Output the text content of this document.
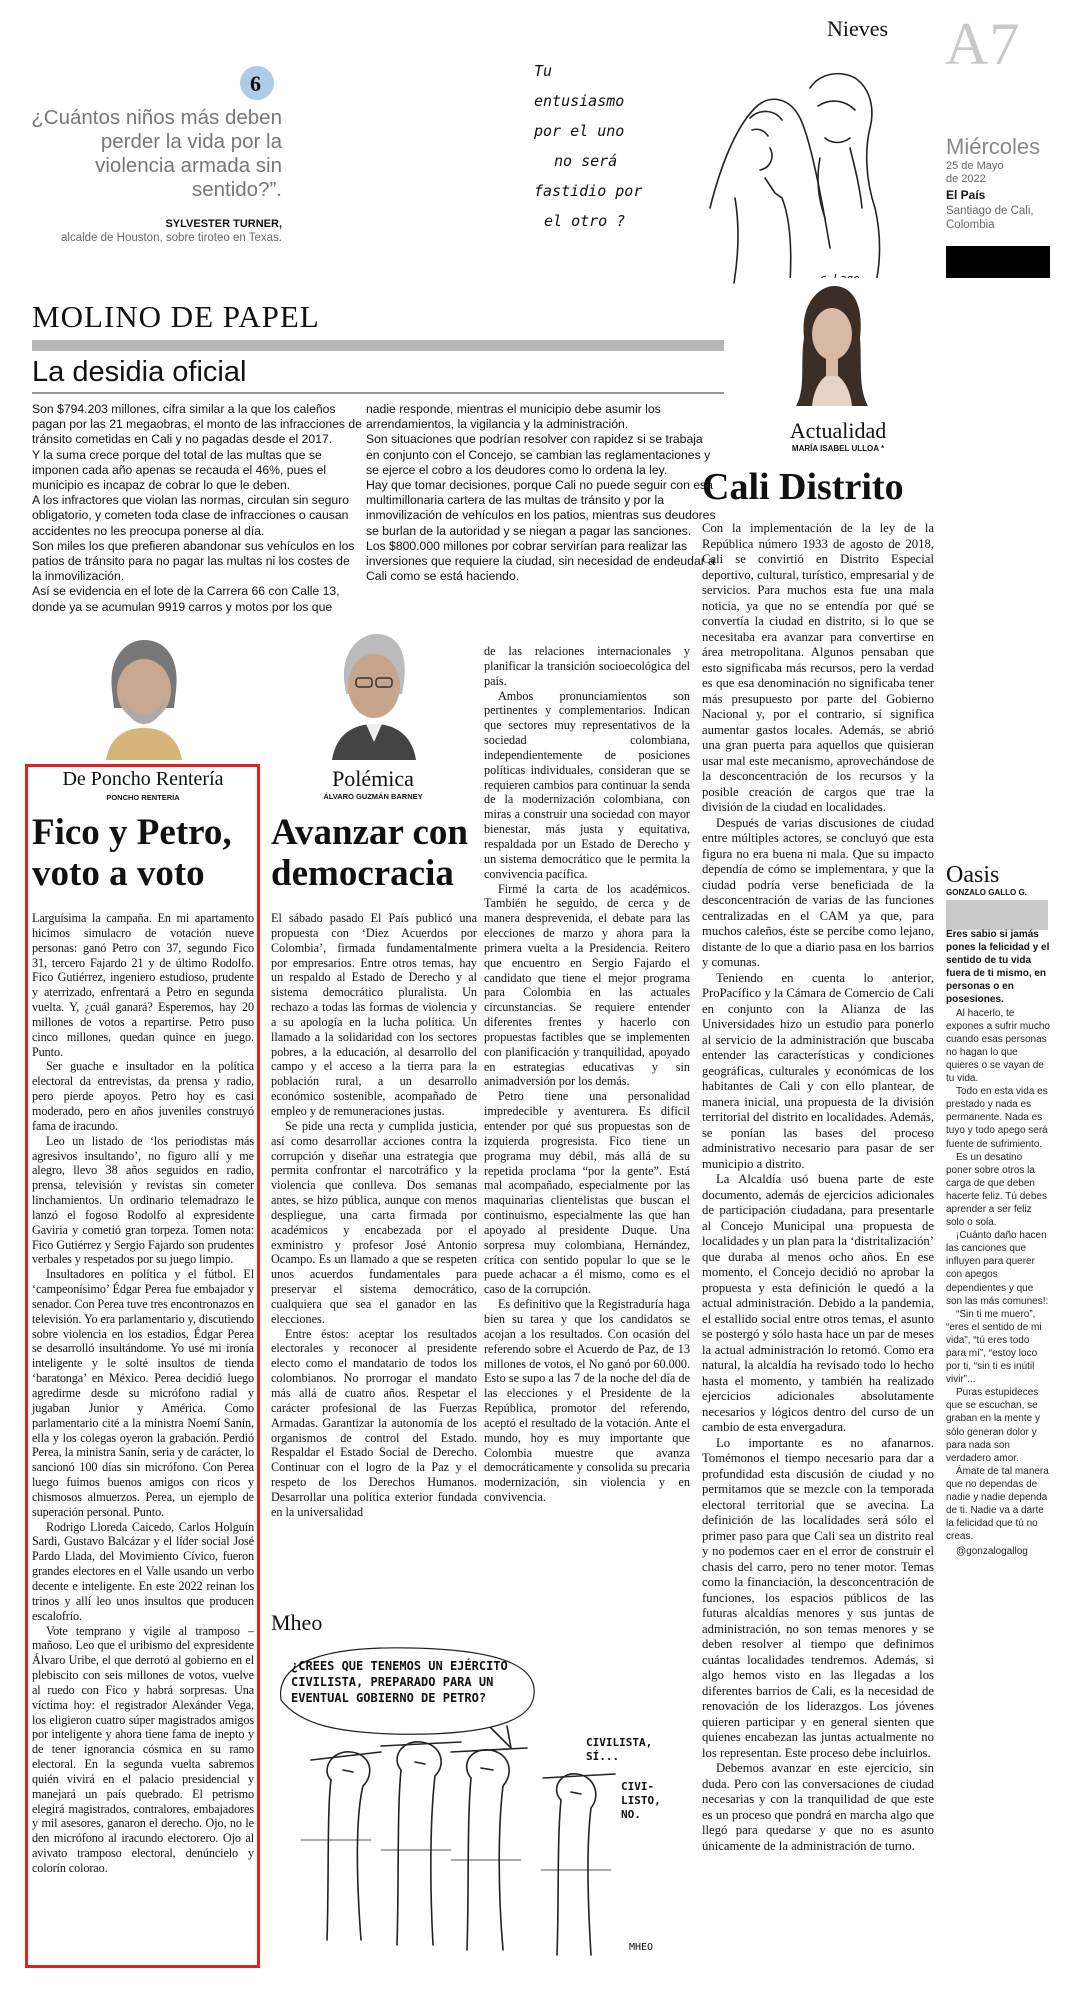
6
¿Cuántos niños más deben perder la vida por la violencia armada sin sentido?”.
SYLVESTER TURNER,
alcalde de Houston, sobre tiroteo en Texas.
Nieves
Tu
entusiasmo
por el uno
no será
fastidio por
el otro ?
A7
Miércoles
25 de Mayo
de 2022
El País
Santiago de Cali, Colombia
MOLINO DE PAPEL
La desidia oficial

Son $794.203 millones, cifra similar a la que los caleños pagan por las 21 megaobras, el monto de las infracciones de tránsito cometidas en Cali y no pagadas desde el 2017.

Y la suma crece porque del total de las multas que se imponen cada año apenas se recauda el 46%, pues el municipio es incapaz de cobrar lo que le deben.

A los infractores que violan las normas, circulan sin seguro obligatorio, y cometen toda clase de infracciones o causan accidentes no les preocupa ponerse al día.

Son miles los que prefieren abandonar sus vehículos en los patios de tránsito para no pagar las multas ni los costes de la inmovilización.

Así se evidencia en el lote de la Carrera 66 con Calle 13, donde ya se acumulan 9919 carros y motos por los que

nadie responde, mientras el municipio debe asumir los arrendamientos, la vigilancia y la administración.

Son situaciones que podrían resolver con rapidez si se trabaja en conjunto con el Concejo, se cambian las reglamentaciones y se ejerce el cobro a los deudores como lo ordena la ley.

Hay que tomar decisiones, porque Cali no puede seguir con esa multimillonaria cartera de las multas de tránsito y por la inmovilización de vehículos en los patios, mientras sus deudores se burlan de la autoridad y se niegan a pagar las sanciones.

Los $800.000 millones por cobrar servirían para realizar las inversiones que requiere la ciudad, sin necesidad de endeudar a Cali como se está haciendo.

Actualidad
MARÍA ISABEL ULLOA *
Cali Distrito

Con la implementación de la ley de la República número 1933 de agosto de 2018, Cali se convirtió en Distrito Especial deportivo, cultural, turístico, empresarial y de servicios. Para muchos esta fue una mala noticia, ya que no se entendía por qué se convertía la ciudad en distrito, si lo que se necesitaba era avanzar para convertirse en área metropolitana. Algunos pensaban que esto significaba más recursos, pero la verdad es que esa denominación no significaba tener más presupuesto por parte del Gobierno Nacional y, por el contrario, sí significa aumentar gastos locales. Además, se abrió una gran puerta para aquellos que quisieran usar mal este mecanismo, aprovechándose de la desconcentración de los recursos y la posible creación de cargos que trae la división de la ciudad en localidades.

Después de varias discusiones de ciudad entre múltiples actores, se concluyó que esta figura no era buena ni mala. Que su impacto dependía de cómo se implementara, y que la ciudad podría verse beneficiada de la desconcentración de varias de las funciones centralizadas en el CAM ya que, para muchos caleños, éste se percibe como lejano, distante de lo que a diario pasa en los barrios y comunas.

Teniendo en cuenta lo anterior, ProPacífico y la Cámara de Comercio de Cali en conjunto con la Alianza de las Universidades hizo un estudio para ponerlo al servicio de la administración que buscaba entender las características y condiciones geográficas, culturales y económicas de los habitantes de Cali y con ello plantear, de manera inicial, una propuesta de la división territorial del distrito en localidades. Además, se ponían las bases del proceso administrativo necesario para pasar de ser municipio a distrito.

La Alcaldía usó buena parte de este documento, además de ejercicios adicionales de participación ciudadana, para presentarle al Concejo Municipal una propuesta de localidades y un plan para la ‘distritalización’ que duraba al menos ocho años. En ese momento, el Concejo decidió no aprobar la propuesta y esta definición le quedó a la actual administración. Debido a la pandemia, el estallido social entre otros temas, el asunto se postergó y sólo hasta hace un par de meses la actual administración lo retomó. Como era natural, la alcaldía ha revisado todo lo hecho hasta el momento, y también ha realizado ejercicios adicionales absolutamente necesarios y lógicos dentro del curso de un cambio de esta envergadura.

Lo importante es no afanarnos. Tomémonos el tiempo necesario para dar a profundidad esta discusión de ciudad y no permitamos que se mezcle con la temporada electoral territorial que se avecina. La definición de las localidades será sólo el primer paso para que Cali sea un distrito real y no podemos caer en el error de construir el chasis del carro, pero no tener motor. Temas como la financiación, la desconcentración de funciones, los espacios públicos de las futuras alcaldías menores y sus juntas de administración, no son temas menores y se deben resolver al tiempo que definimos cuántas localidades tendremos. Además, si algo hemos visto en las llegadas a los diferentes barrios de Cali, es la necesidad de renovación de los liderazgos. Los jóvenes quieren participar y en general sienten que quienes encabezan las juntas actualmente no los representan. Este proceso debe incluirlos.

Debemos avanzar en este ejercicio, sin duda. Pero con las conversaciones de ciudad necesarias y con la tranquilidad de que este es un proceso que pondrá en marcha algo que llegó para quedarse y que no es asunto únicamente de la administración de turno.

Oasis
GONZALO GALLO G.

Eres sabio si jamás pones la felicidad y el sentido de tu vida fuera de ti mismo, en personas o en posesiones.

Al hacerlo, te expones a sufrir mucho cuando esas personas no hagan lo que quieres o se vayan de tu vida.

Todo en esta vida es prestado y nada es permanente. Nada es tuyo y todo apego será fuente de sufrimiento.

Es un desatino poner sobre otros la carga de que deben hacerte feliz. Tú debes aprender a ser feliz solo o sola.

¡Cuánto daño hacen las canciones que influyen para querer con apegos dependientes y que son las más comunes!:

“Sin ti me muero”, “eres el sentido de mi vida”, “tú eres todo para mí”, “estoy loco por ti, “sin ti es inútil vivir”...

Puras estupideces que se escuchan, se graban en la mente y sólo generan dolor y para nada son verdadero amor.

Ámate de tal manera que no dependas de nadie y nadie dependa de ti. Nadie va a darte la felicidad que tú no creas.

@gonzalogallog

De Poncho Rentería
PONCHO RENTERÍA
Fico y Petro, voto a voto

Larguísima la campaña. En mi apartamento hicimos simulacro de votación nueve personas: ganó Petro con 37, segundo Fico 31, tercero Fajardo 21 y de último Rodolfo. Fico Gutiérrez, ingeniero estudioso, prudente y aterrizado, enfrentará a Petro en segunda vuelta. Y, ¿cuál ganará? Esperemos, hay 20 millones de votos a repartirse. Petro puso cinco millones, quedan quince en juego. Punto.

Ser guache e insultador en la política electoral da entrevistas, da prensa y radio, pero pierde apoyos. Petro hoy es casi moderado, pero en años juveniles construyó fama de iracundo.

Leo un listado de ‘los periodistas más agresivos insultando’, no figuro allí y me alegro, llevo 38 años seguidos en radio, prensa, televisión y revistas sin cometer linchamientos. Un ordinario telemadrazo le lanzó el fogoso Rodolfo al expresidente Gaviria y cometió gran torpeza. Tomen nota: Fico Gutiérrez y Sergio Fajardo son prudentes verbales y respetados por su juego limpio.

Insultadores en política y el fútbol. El ‘campeonísimo’ Édgar Perea fue embajador y senador. Con Perea tuve tres encontronazos en televisión. Yo era parlamentario y, discutiendo sobre violencia en los estadios, Édgar Perea se desarrolló insultándome. Yo usé mi ironía inteligente y le solté insultos de tienda ‘baratonga’ en México. Perea decidió luego agredirme desde su micrófono radial y jugaban Junior y América. Como parlamentario cité a la ministra Noemí Sanín, ella y los colegas oyeron la grabación. Perdió Perea, la ministra Sanín, seria y de carácter, lo sancionó 100 días sin micrófono. Con Perea luego fuimos buenos amigos con ricos y chismosos almuerzos. Perea, un ejemplo de superación personal. Punto.

Rodrigo Lloreda Caicedo, Carlos Holguín Sardi, Gustavo Balcázar y el líder social José Pardo Llada, del Movimiento Cívico, fueron grandes electores en el Valle usando un verbo decente e inteligente. En este 2022 reinan los trinos y allí leo unos insultos que producen escalofrío.

Vote temprano y vigile al tramposo –mañoso. Leo que el uribismo del expresidente Álvaro Uribe, el que derrotó al gobierno en el plebiscito con seis millones de votos, vuelve al ruedo con Fico y habrá sorpresas. Una víctima hoy: el registrador Alexánder Vega, los eligieron cuatro súper magistrados amigos por inteligente y ahora tiene fama de inepto y de tener ignorancia cósmica en su ramo electoral. En la segunda vuelta sabremos quién vivirá en el palacio presidencial y manejará un país quebrado. El petrismo elegirá magistrados, contralores, embajadores y mil asesores, ganaron el derecho. Ojo, no le den micrófono al iracundo electorero. Ojo al avivato tramposo electoral, denúncielo y colorín colorao.

Polémica
ÁLVARO GUZMÁN BARNEY
Avanzar con democracia

El sábado pasado El País publicó una propuesta con ‘Diez Acuerdos por Colombia’, firmada fundamentalmente por empresarios. Entre otros temas, hay un respaldo al Estado de Derecho y al sistema democrático pluralista. Un rechazo a todas las formas de violencia y a su apología en la lucha política. Un llamado a la solidaridad con los sectores pobres, a la educación, al desarrollo del campo y el acceso a la tierra para la población rural, a un desarrollo económico sostenible, acompañado de empleo y de remuneraciones justas.

Se pide una recta y cumplida justicia, así como desarrollar acciones contra la corrupción y diseñar una estrategia que permita confrontar el narcotráfico y la violencia que conlleva. Dos semanas antes, se hizo pública, aunque con menos despliegue, una carta firmada por académicos y encabezada por el exministro y profesor José Antonio Ocampo. Es un llamado a que se respeten unos acuerdos fundamentales para preservar el sistema democrático, cualquiera que sea el ganador en las elecciones.

Entre éstos: aceptar los resultados electorales y reconocer al presidente electo como el mandatario de todos los colombianos. No prorrogar el mandato más allá de cuatro años. Respetar el carácter profesional de las Fuerzas Armadas. Garantizar la autonomía de los organismos de control del Estado. Respaldar el Estado Social de Derecho. Continuar con el logro de la Paz y el respeto de los Derechos Humanos. Desarrollar una política exterior fundada en la universalidad

de las relaciones internacionales y planificar la transición socioecológica del país.

Ambos pronunciamientos son pertinentes y complementarios. Indican que sectores muy representativos de la sociedad colombiana, independientemente de posiciones políticas individuales, consideran que se requieren cambios para continuar la senda de la modernización colombiana, con miras a construir una sociedad con mayor bienestar, más justa y equitativa, respaldada por un Estado de Derecho y un sistema democrático que le permita la convivencia pacífica.

Firmé la carta de los académicos. También he seguido, de cerca y de manera desprevenida, el debate para las elecciones de marzo y ahora para la primera vuelta a la Presidencia. Reitero que encuentro en Sergio Fajardo el candidato que tiene el mejor programa para Colombia en las actuales circunstancias. Se requiere entender diferentes frentes y hacerlo con propuestas factibles que se implementen con planificación y tranquilidad, apoyado en estrategias educativas y sin animadversión por los demás.

Petro tiene una personalidad impredecible y aventurera. Es difícil entender por qué sus propuestas son de izquierda progresista. Fico tiene un programa muy débil, más allá de su repetida proclama “por la gente”. Está mal acompañado, especialmente por las maquinarias clientelistas que buscan el continuismo, especialmente las que han apoyado al presidente Duque. Una sorpresa muy colombiana, Hernández, crítica con sentido popular lo que se le puede achacar a él mismo, como es el caso de la corrupción.

Es definitivo que la Registraduría haga bien su tarea y que los candidatos se acojan a los resultados. Con ocasión del referendo sobre el Acuerdo de Paz, de 13 millones de votos, el No ganó por 60.000. Esto se supo a las 7 de la noche del día de las elecciones y el Presidente de la República, promotor del referendo, aceptó el resultado de la votación. Ante el mundo, hoy es muy importante que Colombia muestre que avanza democráticamente y consolida su precaria modernización, sin violencia y en convivencia.

Mheo
¿CREES QUE TENEMOS UN EJÉRCITO CIVILISTA, PREPARADO PARA UN EVENTUAL GOBIERNO DE PETRO?
CIVILISTA, SÍ...
CIVI-LISTO, NO.
MHEO
